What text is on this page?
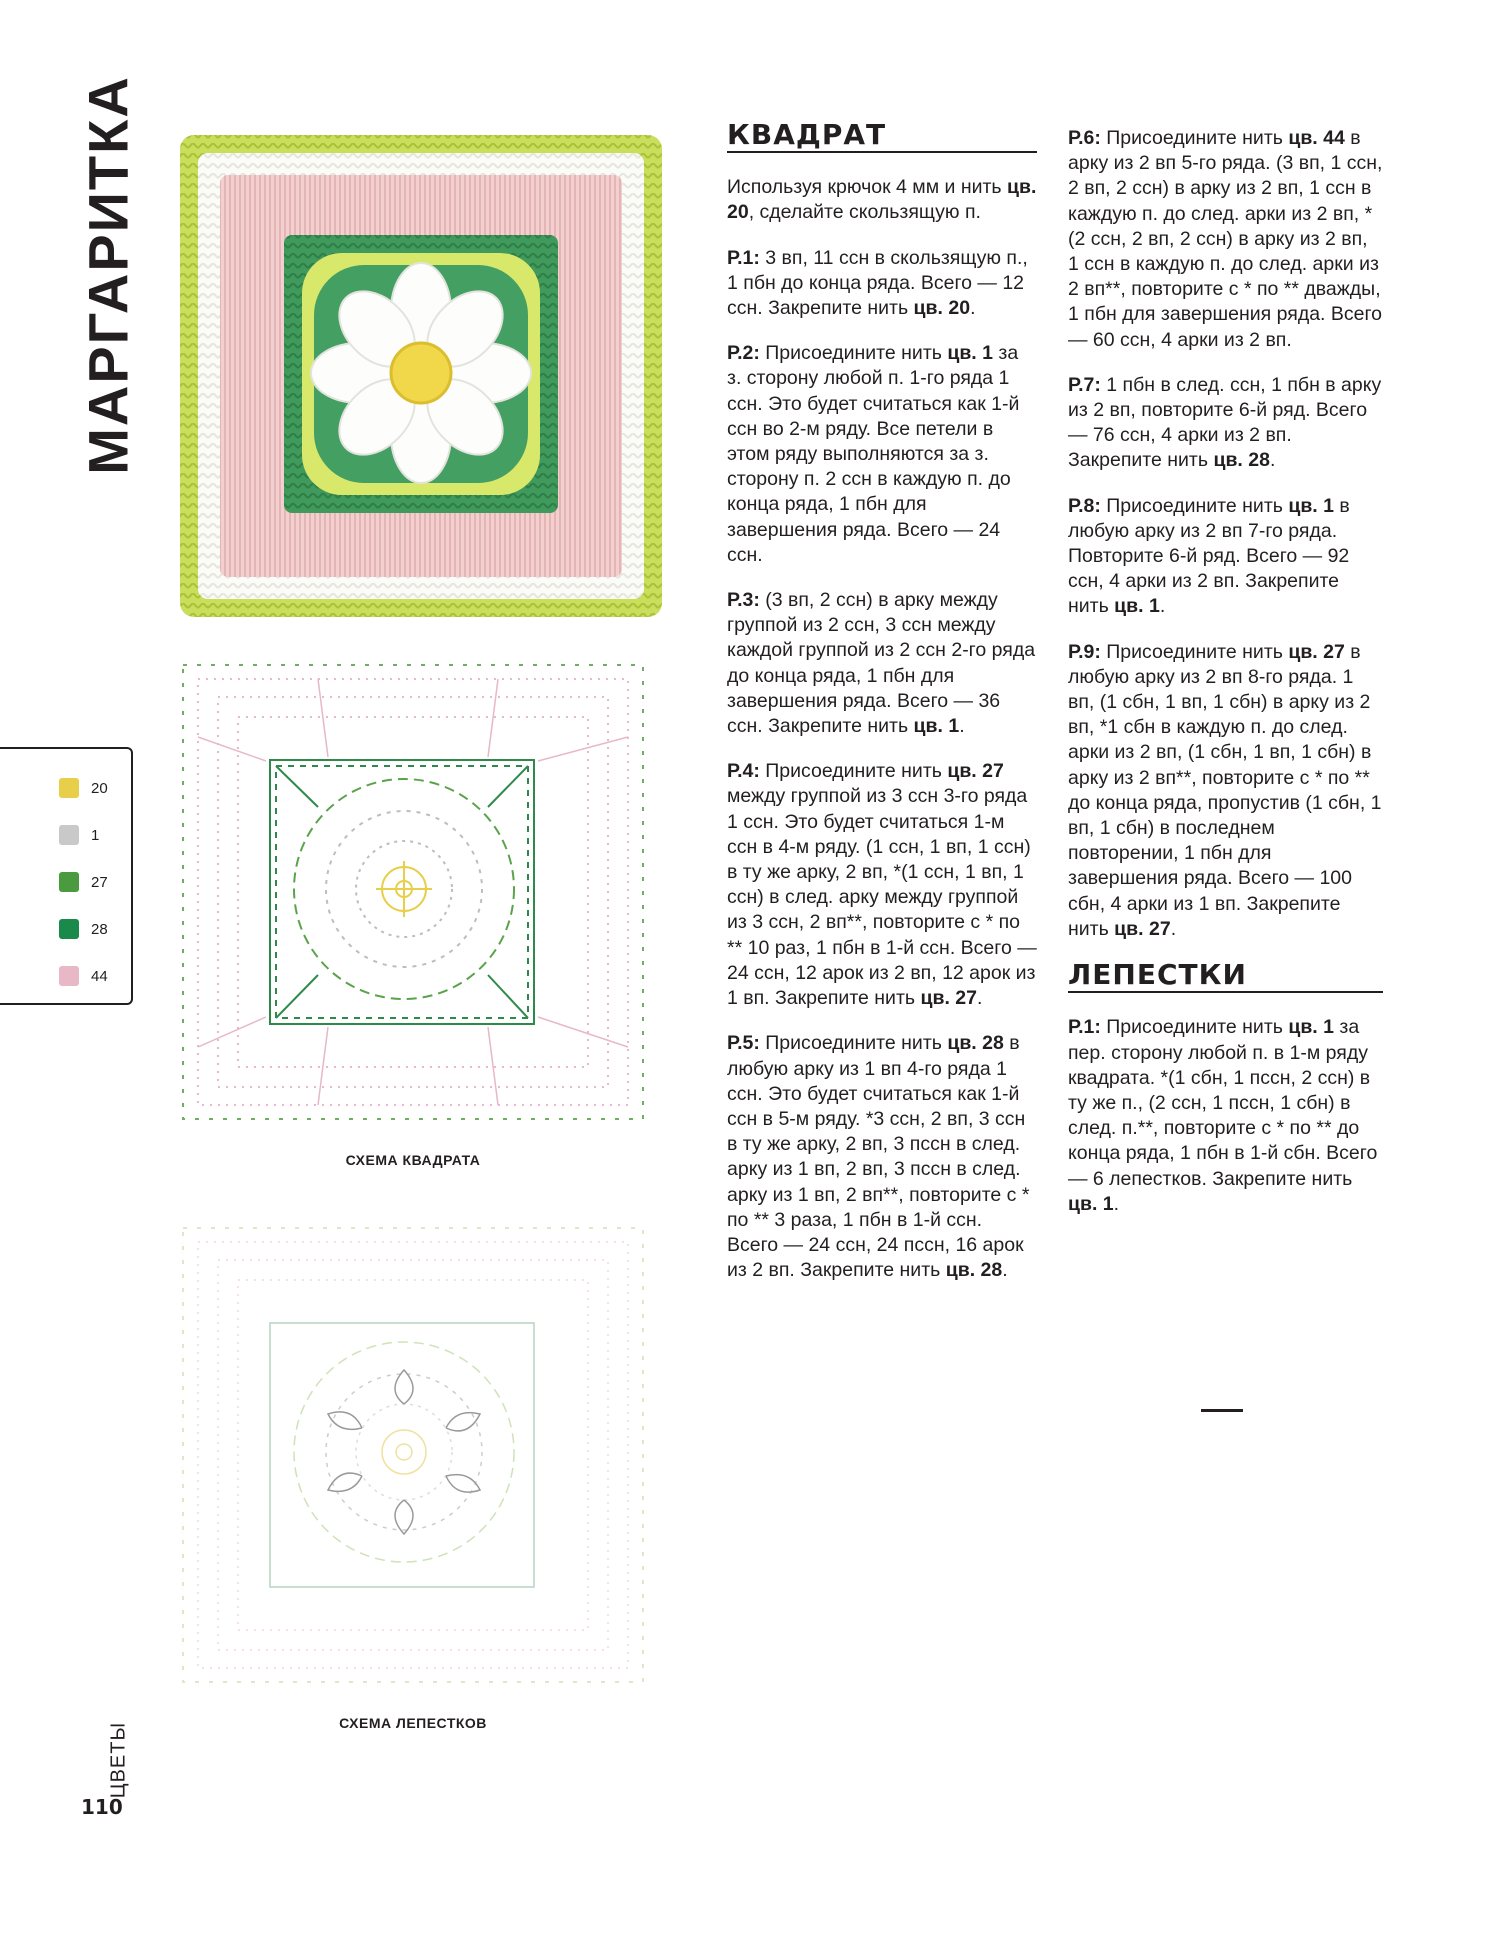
МАРГАРИТКА
СХЕМА КВАДРАТА
СХЕМА ЛЕПЕСТКОВ
20
1
27
28
44
КВАДРАТ

Используя крючок 4 мм и нить цв. 20, сделайте скользящую п.

Р.1: 3 вп, 11 ссн в скользящую п., 1 пбн до конца ряда. Всего — 12 ссн. Закрепите нить цв. 20.

Р.2: Присоедините нить цв. 1 за з. сторону любой п. 1-го ряда 1 ссн. Это будет считаться как 1-й ссн во 2-м ряду. Все петели в этом ряду выполняются за з. сторону п. 2 ссн в каждую п. до конца ряда, 1 пбн для завершения ряда. Всего — 24 ссн.

Р.3: (3 вп, 2 ссн) в арку между группой из 2 ссн, 3 ссн между каждой группой из 2 ссн 2-го ряда до конца ряда, 1 пбн для завершения ряда. Всего — 36 ссн. Закрепите нить цв. 1.

Р.4: Присоедините нить цв. 27 между группой из 3 ссн 3-го ряда 1 ссн. Это будет считаться 1-м ссн в 4-м ряду. (1 ссн, 1 вп, 1 ссн) в ту же арку, 2 вп, *(1 ссн, 1 вп, 1 ссн) в след. арку между группой из 3 ссн, 2 вп**, повторите с * по ** 10 раз, 1 пбн в 1-й ссн. Всего — 24 ссн, 12 арок из 2 вп, 12 арок из 1 вп. Закрепите нить цв. 27.

Р.5: Присоедините нить цв. 28 в любую арку из 1 вп 4-го ряда 1 ссн. Это будет считаться как 1-й ссн в 5-м ряду. *3 ссн, 2 вп, 3 ссн в ту же арку, 2 вп, 3 пссн в след. арку из 1 вп, 2 вп, 3 пссн в след. арку из 1 вп, 2 вп**, повторите с * по ** 3 раза, 1 пбн в 1-й ссн. Всего — 24 ссн, 24 пссн, 16 арок из 2 вп. Закрепите нить цв. 28.

Р.6: Присоедините нить цв. 44 в арку из 2 вп 5-го ряда. (3 вп, 1 ссн, 2 вп, 2 ссн) в арку из 2 вп, 1 ссн в каждую п. до след. арки из 2 вп, *(2 ссн, 2 вп, 2 ссн) в арку из 2 вп, 1 ссн в каждую п. до след. арки из 2 вп**, повторите с * по ** дважды, 1 пбн для завершения ряда. Всего — 60 ссн, 4 арки из 2 вп.

Р.7: 1 пбн в след. ссн, 1 пбн в арку из 2 вп, повторите 6-й ряд. Всего — 76 ссн, 4 арки из 2 вп. Закрепите нить цв. 28.

Р.8: Присоедините нить цв. 1 в любую арку из 2 вп 7-го ряда. Повторите 6-й ряд. Всего — 92 ссн, 4 арки из 2 вп. Закрепите нить цв. 1.

Р.9: Присоедините нить цв. 27 в любую арку из 2 вп 8-го ряда. 1 вп, (1 сбн, 1 вп, 1 сбн) в арку из 2 вп, *1 сбн в каждую п. до след. арки из 2 вп, (1 сбн, 1 вп, 1 сбн) в арку из 2 вп**, повторите с * по ** до конца ряда, пропустив (1 сбн, 1 вп, 1 сбн) в последнем повторении, 1 пбн для завершения ряда. Всего — 100 сбн, 4 арки из 1 вп. Закрепите нить цв. 27.

ЛЕПЕСТКИ

Р.1: Присоедините нить цв. 1 за пер. сторону любой п. в 1-м ряду квадрата. *(1 сбн, 1 пссн, 2 ссн) в ту же п., (2 ссн, 1 пссн, 1 сбн) в след. п.**, повторите с * по ** до конца ряда, 1 пбн в 1-й сбн. Всего — 6 лепестков. Закрепите нить цв. 1.

ЦВЕТЫ
110
